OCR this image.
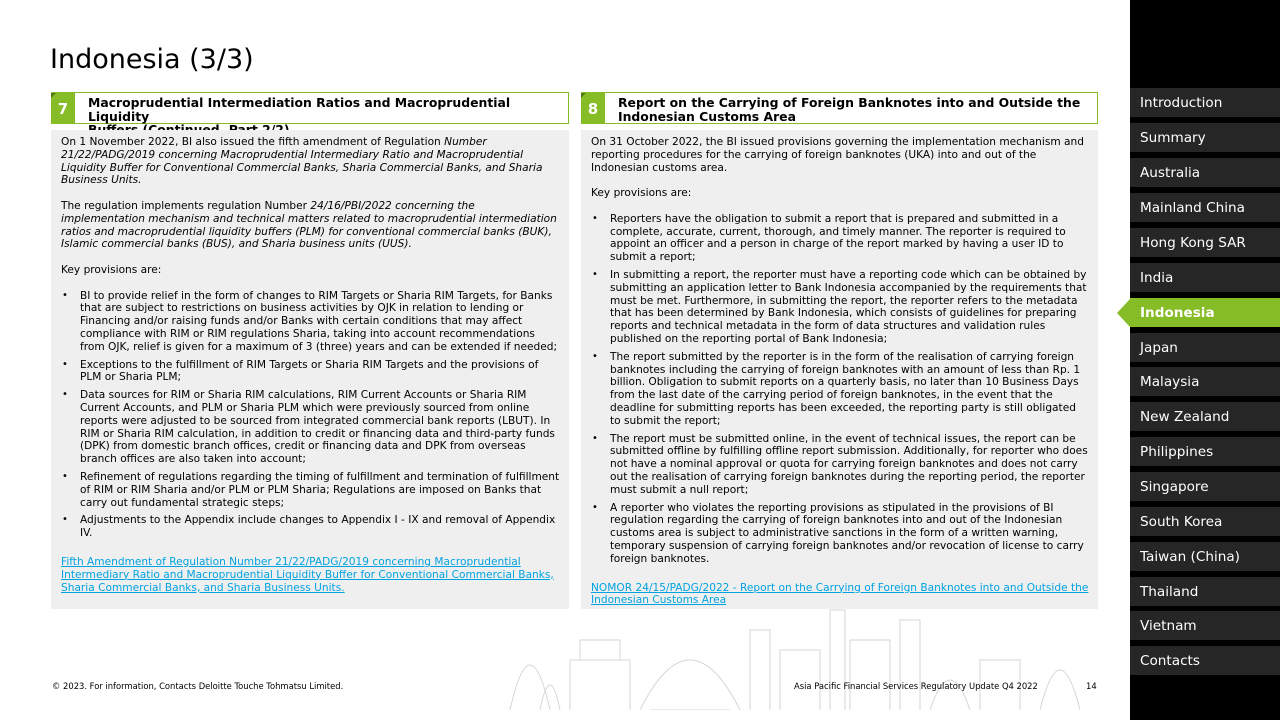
Indonesia (3/3)
7	Macroprudential Intermediation Ratios and Macroprudential Liquidity	8	Report on the Carrying of Foreign Banknotes into and Outside the
Indonesian Customs Area

On 1 November 2022, BI also issued the fifth amendment of Regulation Number 21/22/PADG/2019 concerning Macroprudential Intermediary Ratio and Macroprudential Liquidity Buffer for Conventional Commercial Banks, Sharia Commercial Banks, and Sharia Business Units.

The regulation implements regulation Number 24/16/PBI/2022 concerning the implementation mechanism and technical matters related to macroprudential intermediation ratios and macroprudential liquidity buffers (PLM) for conventional commercial banks (BUK), Islamic commercial banks (BUS), and Sharia business units (UUS).

Key provisions are:

• BI to provide relief in the form of changes to RIM Targets or Sharia RIM Targets, for Banks that are subject to restrictions on business activities by OJK in relation to lending or Financing and/or raising funds and/or Banks with certain conditions that may affect compliance with RIM or RIM regulations Sharia, taking into account recommendations from OJK, relief is given for a maximum of 3 (three) years and can be extended if needed;
• Exceptions to the fulfillment of RIM Targets or Sharia RIM Targets and the provisions of PLM or Sharia PLM;
• Data sources for RIM or Sharia RIM calculations, RIM Current Accounts or Sharia RIM Current Accounts, and PLM or Sharia PLM which were previously sourced from online reports were adjusted to be sourced from integrated commercial bank reports (LBUT). In RIM or Sharia RIM calculation, in addition to credit or financing data and third-party funds (DPK) from domestic branch offices, credit or financing data and DPK from overseas branch offices are also taken into account;
• Refinement of regulations regarding the timing of fulfillment and termination of fulfillment of RIM or RIM Sharia and/or PLM or PLM Sharia; Regulations are imposed on Banks that carry out fundamental strategic steps;
• Adjustments to the Appendix include changes to Appendix I - IX and removal of Appendix IV.

Fifth Amendment of Regulation Number 21/22/PADG/2019 concerning Macroprudential Intermediary Ratio and Macroprudential Liquidity Buffer for Conventional Commercial Banks, Sharia Commercial Banks, and Sharia Business Units.

On 31 October 2022, the BI issued provisions governing the implementation mechanism and reporting procedures for the carrying of foreign banknotes (UKA) into and out of the Indonesian customs area.

Key provisions are:

• Reporters have the obligation to submit a report that is prepared and submitted in a complete, accurate, current, thorough, and timely manner. The reporter is required to appoint an officer and a person in charge of the report marked by having a user ID to submit a report;
• In submitting a report, the reporter must have a reporting code which can be obtained by submitting an application letter to Bank Indonesia accompanied by the requirements that must be met. Furthermore, in submitting the report, the reporter refers to the metadata that has been determined by Bank Indonesia, which consists of guidelines for preparing reports and technical metadata in the form of data structures and validation rules published on the reporting portal of Bank Indonesia;
• The report submitted by the reporter is in the form of the realisation of carrying foreign banknotes including the carrying of foreign banknotes with an amount of less than Rp. 1 billion. Obligation to submit reports on a quarterly basis, no later than 10 Business Days from the last date of the carrying period of foreign banknotes, in the event that the deadline for submitting reports has been exceeded, the reporting party is still obligated to submit the report;
• The report must be submitted online, in the event of technical issues, the report can be submitted offline by fulfilling offline report submission. Additionally, for reporter who does not have a nominal approval or quota for carrying foreign banknotes and does not carry out the realisation of carrying foreign banknotes during the reporting period, the reporter must submit a null report;
• A reporter who violates the reporting provisions as stipulated in the provisions of BI regulation regarding the carrying of foreign banknotes into and out of the Indonesian customs area is subject to administrative sanctions in the form of a written warning, temporary suspension of carrying foreign banknotes and/or revocation of license to carry foreign banknotes.

NOMOR 24/15/PADG/2022 - Report on the Carrying of Foreign Banknotes into and Outside the Indonesian Customs Area

© 2023. For information, Contacts Deloitte Touche Tohmatsu Limited.	Asia Pacific Financial Services Regulatory Update Q4 2022	14
Introduction
Summary
Australia
Mainland China
Hong Kong SAR
India
Indonesia
Japan
Malaysia
New Zealand
Philippines
Singapore
South Korea
Taiwan (China)
Thailand
Vietnam
Contacts
